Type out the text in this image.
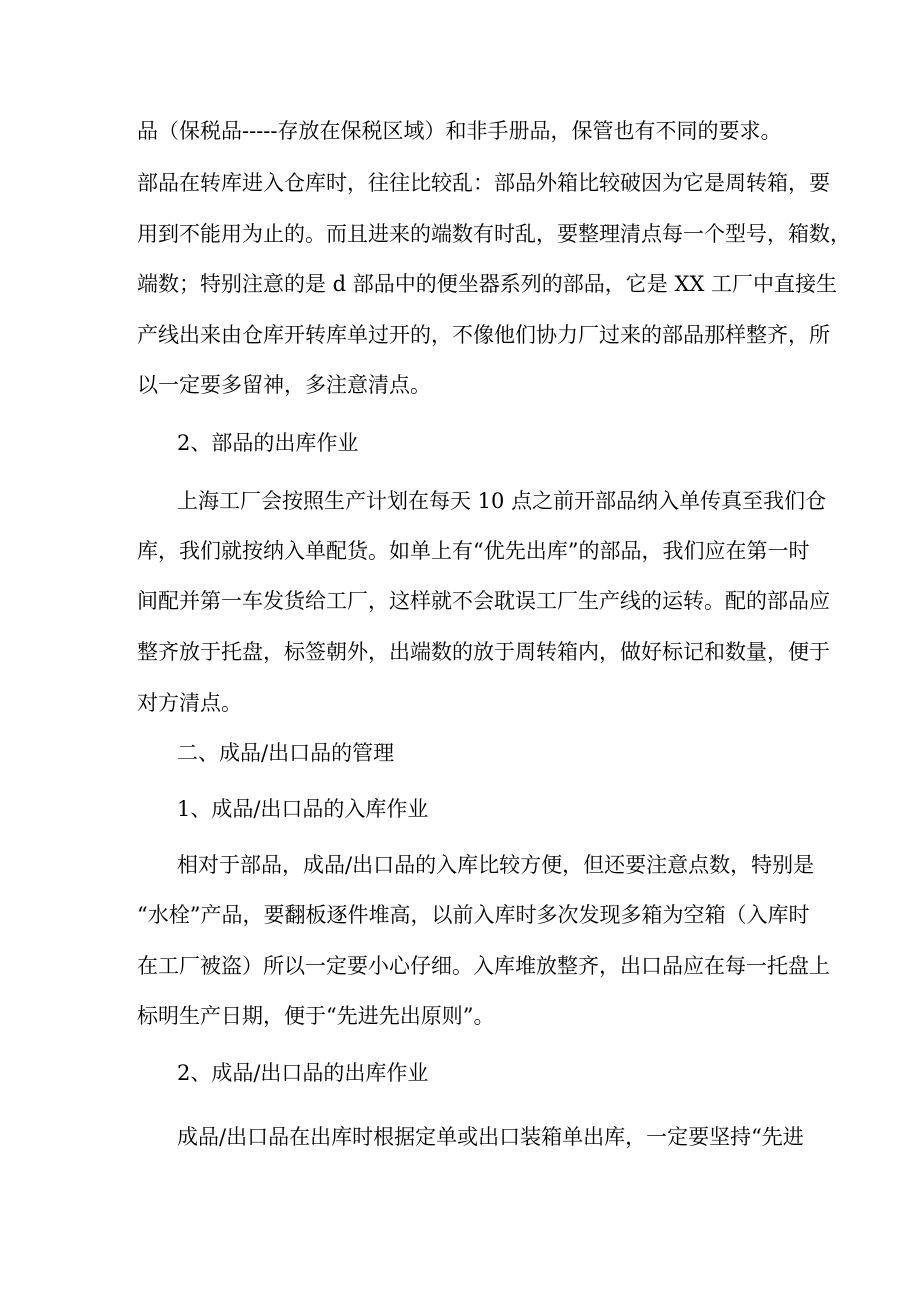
品（保税品-----存放在保税区域）和非手册品，保管也有不同的要求。
部品在转库进入仓库时，往往比较乱：部品外箱比较破因为它是周转箱，要
用到不能用为止的。而且进来的端数有时乱，要整理清点每一个型号，箱数，
端数；特别注意的是 d 部品中的便坐器系列的部品，它是 XX 工厂中直接生
产线出来由仓库开转库单过开的，不像他们协力厂过来的部品那样整齐，所
以一定要多留神，多注意清点。
2、部品的出库作业
上海工厂会按照生产计划在每天 10 点之前开部品纳入单传真至我们仓
库，我们就按纳入单配货。如单上有“优先出库”的部品，我们应在第一时
间配并第一车发货给工厂，这样就不会耽误工厂生产线的运转。配的部品应
整齐放于托盘，标签朝外，出端数的放于周转箱内，做好标记和数量，便于
对方清点。
二、成品/出口品的管理
1、成品/出口品的入库作业
相对于部品，成品/出口品的入库比较方便，但还要注意点数，特别是
“水栓”产品，要翻板逐件堆高，以前入库时多次发现多箱为空箱（入库时
在工厂被盗）所以一定要小心仔细。入库堆放整齐，出口品应在每一托盘上
标明生产日期，便于“先进先出原则”。
2、成品/出口品的出库作业
成品/出口品在出库时根据定单或出口装箱单出库，一定要坚持“先进
